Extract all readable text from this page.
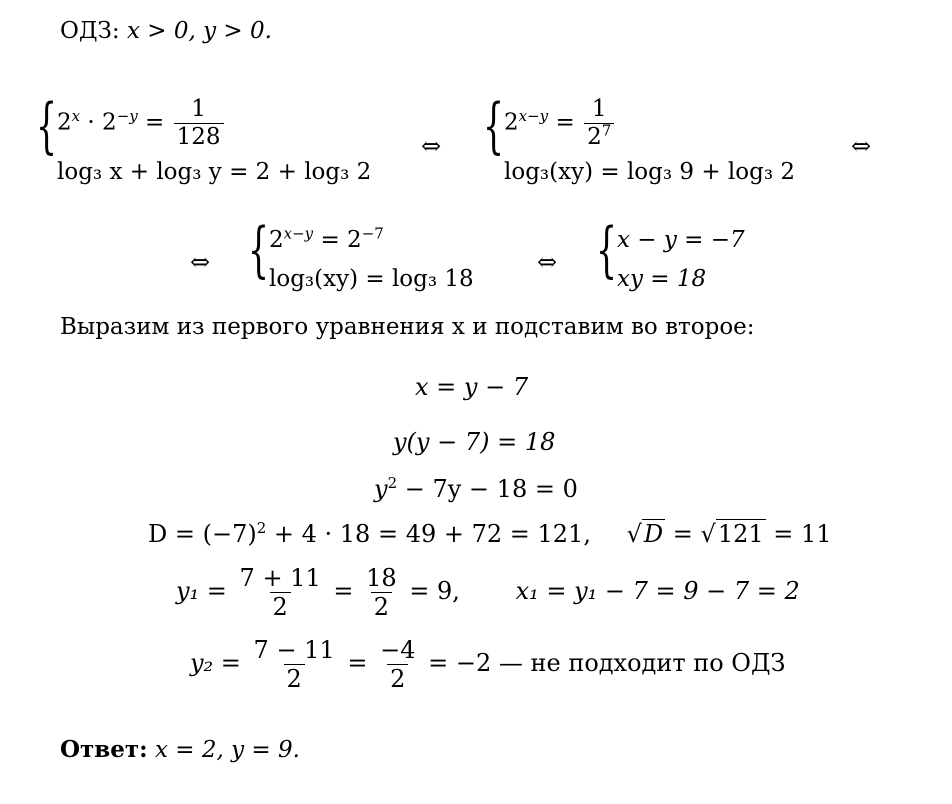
ОДЗ: x > 0, y > 0.
{ $2^x \cdot 2^{-y} = \frac{1}{128}$
log₃ x + log₃ y = 2 + log₃ 2
⇔ { $2^{x-y} = \frac{1}{2^7}$
log₃(xy) = log₃ 9 + log₃ 2
⇔
⇔ { $2^{x-y} = 2^{-7}$
log₃(xy) = log₃ 18
⇔ { x − y = −7
xy = 18
Выразим из первого уравнения x и подставим во второе:
x = y − 7
y(y − 7) = 18
$y^2 - 7y - 18 = 0$
$D = (-7)^2 + 4 \cdot 18 = 49 + 72 = 121$, √D = √121 = 11
$y_1 = \frac{7 + 11}{2} = \frac{18}{2} = 9$, x₁ = y₁ − 7 = 9 − 7 = 2
$y_2 = \frac{7 - 11}{2} = \frac{-4}{2} = -2$ — не подходит по ОДЗ
Ответ: x = 2, y = 9.
